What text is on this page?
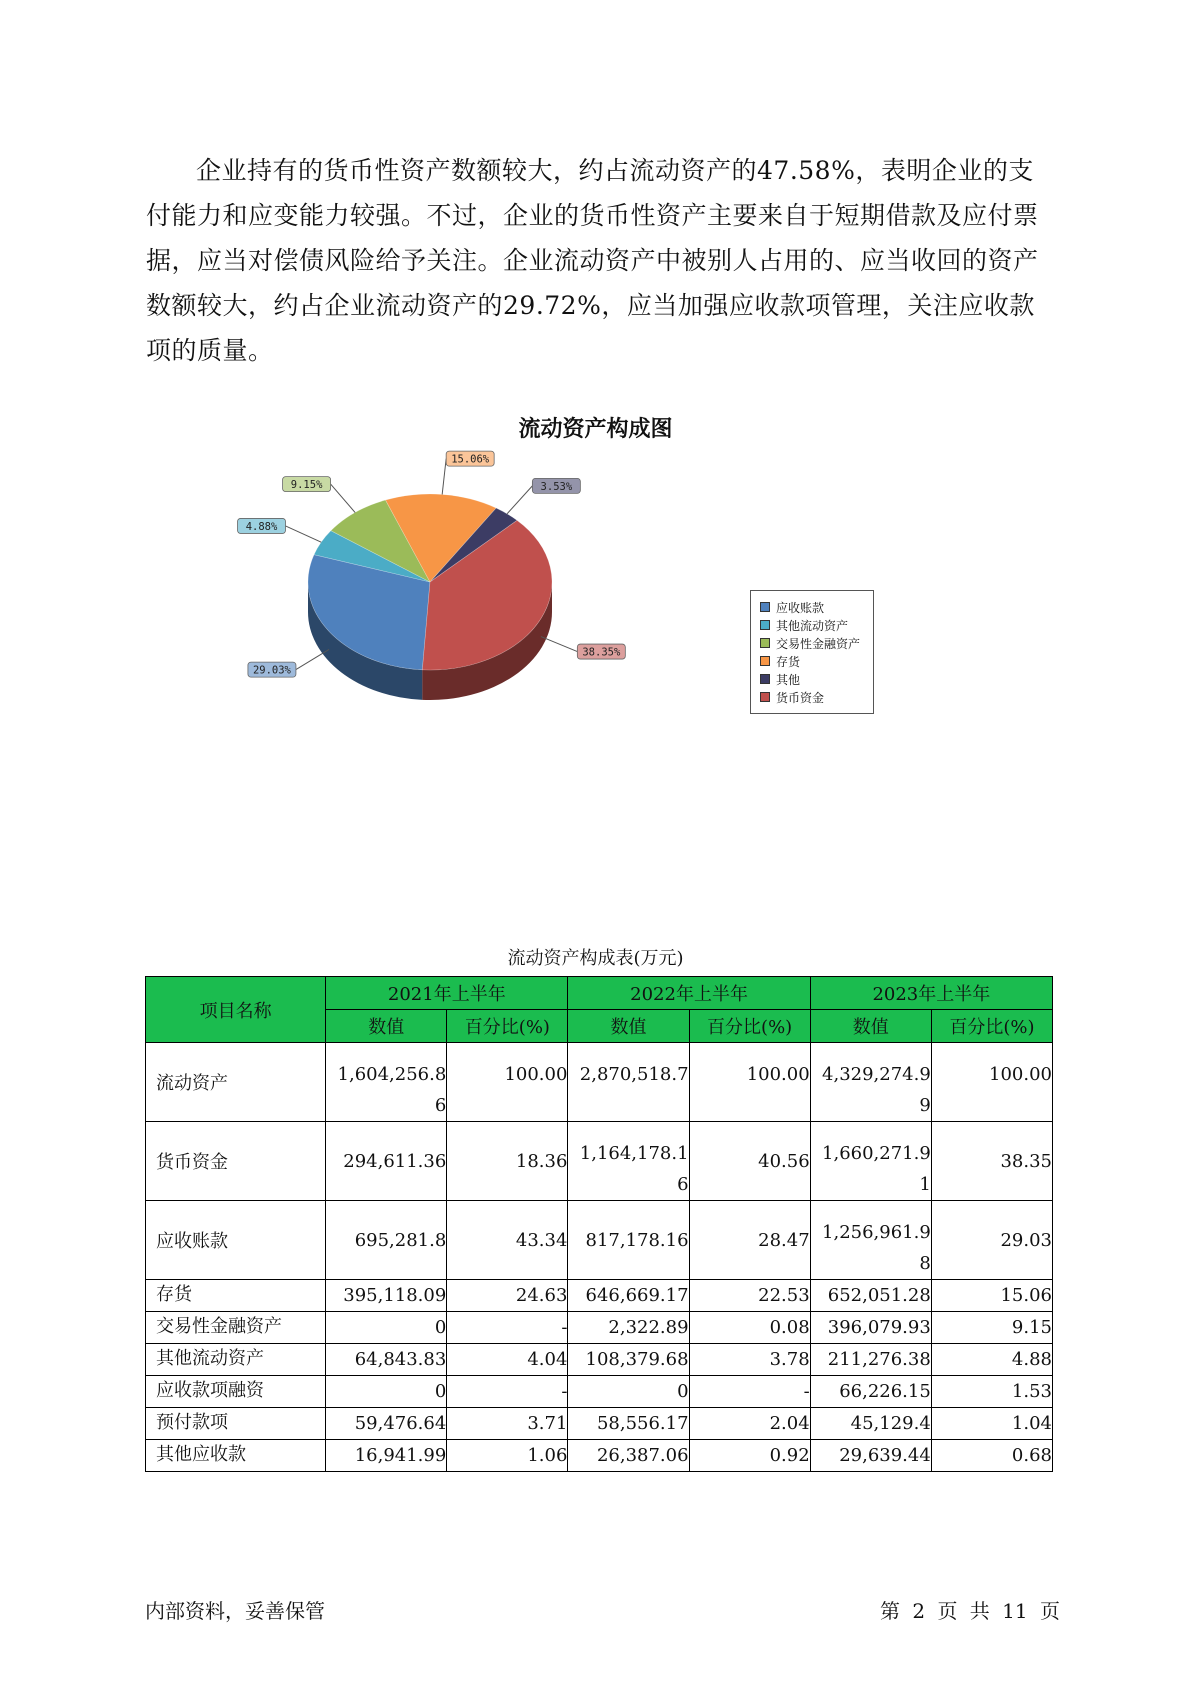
企业持有的货币性资产数额较大，约占流动资产的47.58%，表明企业的支付能力和应变能力较强。不过，企业的货币性资产主要来自于短期借款及应付票据，应当对偿债风险给予关注。企业流动资产中被别人占用的、应当收回的资产数额较大，约占企业流动资产的29.72%，应当加强应收款项管理，关注应收款项的质量。

流动资产构成图
29.03%
4.88%
9.15%
15.06%
3.53%
38.35%
应收账款
其他流动资产
交易性金融资产
存货
其他
货币资金
流动资产构成表(万元)
项目名称	2021年上半年		2022年上半年		2023年上半年	
	数值	百分比(%)	数值	百分比(%)	数值	百分比(%)
流动资产	1,604,256.86	100.00	2,870,518.7	100.00	4,329,274.99	100.00
货币资金	294,611.36	18.36	1,164,178.16	40.56	1,660,271.91	38.35
应收账款	695,281.8	43.34	817,178.16	28.47	1,256,961.98	29.03
存货	395,118.09	24.63	646,669.17	22.53	652,051.28	15.06
交易性金融资产	0	-	2,322.89	0.08	396,079.93	9.15
其他流动资产	64,843.83	4.04	108,379.68	3.78	211,276.38	4.88
应收款项融资	0	-	0	-	66,226.15	1.53
预付款项	59,476.64	3.71	58,556.17	2.04	45,129.4	1.04
其他应收款	16,941.99	1.06	26,387.06	0.92	29,639.44	0.68
内部资料，妥善保管	第 2 页 共 11 页
